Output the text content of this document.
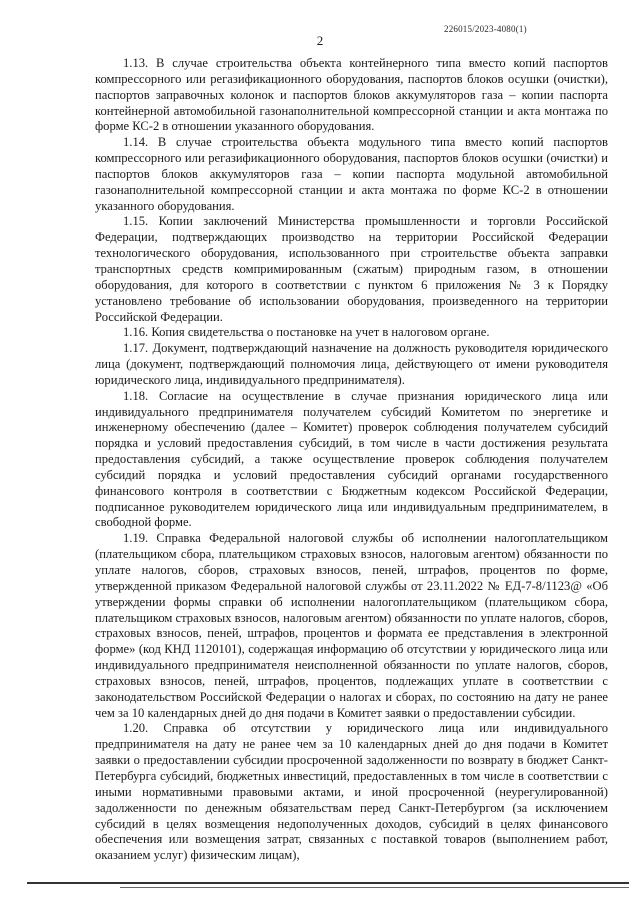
226015/2023-4080(1)
2

1.13. В случае строительства объекта контейнерного типа вместо копий паспортов компрессорного или регазификационного оборудования, паспортов блоков осушки (очистки), паспортов заправочных колонок и паспортов блоков аккумуляторов газа – копии паспорта контейнерной автомобильной газонаполнительной компрессорной станции и акта монтажа по форме КС-2 в отношении указанного оборудования.

1.14. В случае строительства объекта модульного типа вместо копий паспортов компрессорного или регазификационного оборудования, паспортов блоков осушки (очистки) и паспортов блоков аккумуляторов газа – копии паспорта модульной автомобильной газонаполнительной компрессорной станции и акта монтажа по форме КС-2 в отношении указанного оборудования.

1.15. Копии заключений Министерства промышленности и торговли Российской Федерации, подтверждающих производство на территории Российской Федерации технологического оборудования, использованного при строительстве объекта заправки транспортных средств компримированным (сжатым) природным газом, в отношении оборудования, для которого в соответствии с пунктом 6 приложения № 3 к Порядку установлено требование об использовании оборудования, произведенного на территории Российской Федерации.

1.16. Копия свидетельства о постановке на учет в налоговом органе.

1.17. Документ, подтверждающий назначение на должность руководителя юридического лица (документ, подтверждающий полномочия лица, действующего от имени руководителя юридического лица, индивидуального предпринимателя).

1.18. Согласие на осуществление в случае признания юридического лица или индивидуального предпринимателя получателем субсидий Комитетом по энергетике и инженерному обеспечению (далее – Комитет) проверок соблюдения получателем субсидий порядка и условий предоставления субсидий, в том числе в части достижения результата предоставления субсидий, а также осуществление проверок соблюдения получателем субсидий порядка и условий предоставления субсидий органами государственного финансового контроля в соответствии с Бюджетным кодексом Российской Федерации, подписанное руководителем юридического лица или индивидуальным предпринимателем, в свободной форме.

1.19. Справка Федеральной налоговой службы об исполнении налогоплательщиком (плательщиком сбора, плательщиком страховых взносов, налоговым агентом) обязанности по уплате налогов, сборов, страховых взносов, пеней, штрафов, процентов по форме, утвержденной приказом Федеральной налоговой службы от 23.11.2022 № ЕД-7-8/1123@ «Об утверждении формы справки об исполнении налогоплательщиком (плательщиком сбора, плательщиком страховых взносов, налоговым агентом) обязанности по уплате налогов, сборов, страховых взносов, пеней, штрафов, процентов и формата ее представления в электронной форме» (код КНД 1120101), содержащая информацию об отсутствии у юридического лица или индивидуального предпринимателя неисполненной обязанности по уплате налогов, сборов, страховых взносов, пеней, штрафов, процентов, подлежащих уплате в соответствии с законодательством Российской Федерации о налогах и сборах, по состоянию на дату не ранее чем за 10 календарных дней до дня подачи в Комитет заявки о предоставлении субсидии.

1.20. Справка об отсутствии у юридического лица или индивидуального предпринимателя на дату не ранее чем за 10 календарных дней до дня подачи в Комитет заявки о предоставлении субсидии просроченной задолженности по возврату в бюджет Санкт-Петербурга субсидий, бюджетных инвестиций, предоставленных в том числе в соответствии с иными нормативными правовыми актами, и иной просроченной (неурегулированной) задолженности по денежным обязательствам перед Санкт-Петербургом (за исключением субсидий в целях возмещения недополученных доходов, субсидий в целях финансового обеспечения или возмещения затрат, связанных с поставкой товаров (выполнением работ, оказанием услуг) физическим лицам),
